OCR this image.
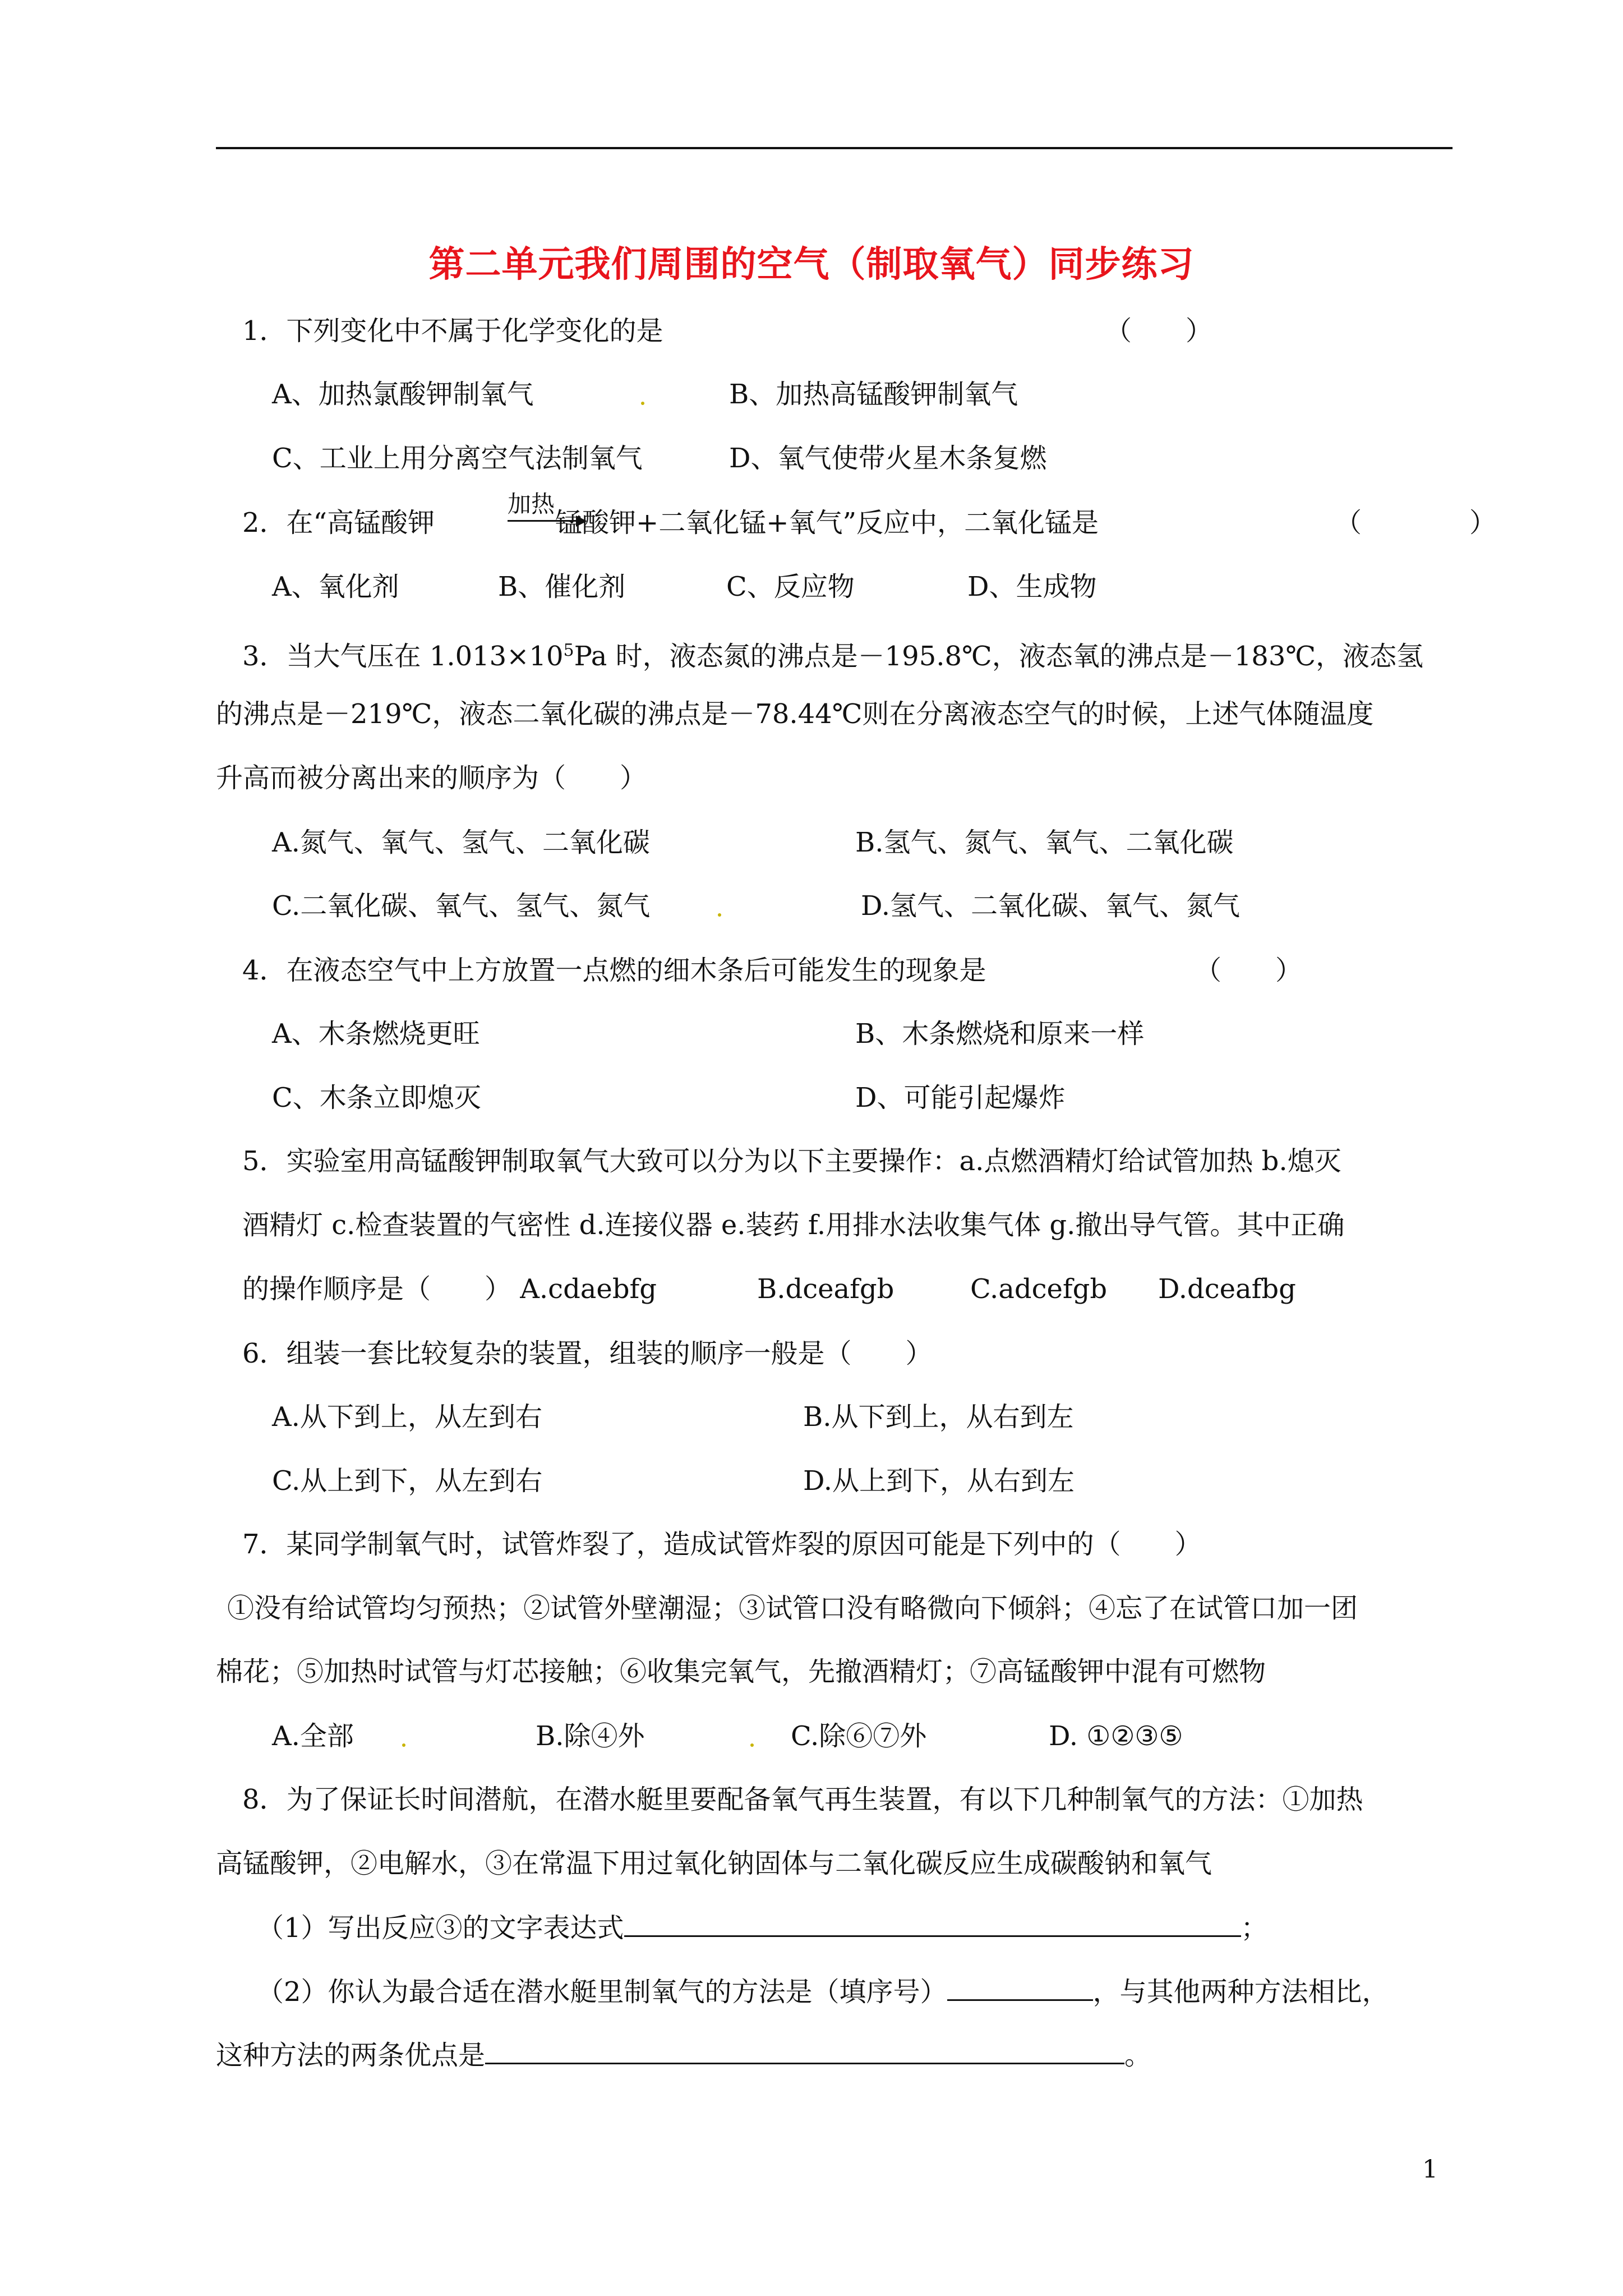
第二单元我们周围的空气（制取氧气）同步练习
1．下列变化中不属于化学变化的是	（　　）
A、加热氯酸钾制氧气	B、加热高锰酸钾制氧气
C、工业上用分离空气法制氧气	D、氧气使带火星木条复燃
2．在“高锰酸钾
加热
锰酸钾+二氧化锰+氧气”反应中，二氧化锰是	（　　　　）
A、氧化剂	B、催化剂	C、反应物	D、生成物
3．当大气压在 $1.013\times 10^5Pa$ 时，液态氮的沸点是－195.8℃，液态氧的沸点是－183℃，液态氢
的沸点是－219℃，液态二氧化碳的沸点是－78.44℃则在分离液态空气的时候，上述气体随温度
升高而被分离出来的顺序为（　　）
A.氮气、氧气、氢气、二氧化碳	B.氢气、氮气、氧气、二氧化碳
C.二氧化碳、氧气、氢气、氮气	D.氢气、二氧化碳、氧气、氮气
4．在液态空气中上方放置一点燃的细木条后可能发生的现象是	（　　）
A、木条燃烧更旺	B、木条燃烧和原来一样
C、木条立即熄灭	D、可能引起爆炸
5．实验室用高锰酸钾制取氧气大致可以分为以下主要操作：a.点燃酒精灯给试管加热 b.熄灭
酒精灯 c.检查装置的气密性 d.连接仪器 e.装药 f.用排水法收集气体 g.撤出导气管。其中正确
的操作顺序是（　　） A.cdaebfg	B.dceafgb	C.adcefgb D.dceafbg
6．组装一套比较复杂的装置，组装的顺序一般是（　　）
A.从下到上，从左到右	B.从下到上，从右到左
C.从上到下，从左到右	D.从上到下，从右到左
7．某同学制氧气时，试管炸裂了，造成试管炸裂的原因可能是下列中的（　　）
①没有给试管均匀预热；②试管外壁潮湿；③试管口没有略微向下倾斜；④忘了在试管口加一团
棉花；⑤加热时试管与灯芯接触；⑥收集完氧气，先撤酒精灯；⑦高锰酸钾中混有可燃物
A.全部	B.除④外	C.除⑥⑦外	D. ①②③⑤
8．为了保证长时间潜航，在潜水艇里要配备氧气再生装置，有以下几种制氧气的方法：①加热
高锰酸钾，②电解水，③在常温下用过氧化钠固体与二氧化碳反应生成碳酸钠和氧气
（1）写出反应③的文字表达式	；
（2）你认为最合适在潜水艇里制氧气的方法是（填序号）	，与其他两种方法相比，
这种方法的两条优点是	。
1
